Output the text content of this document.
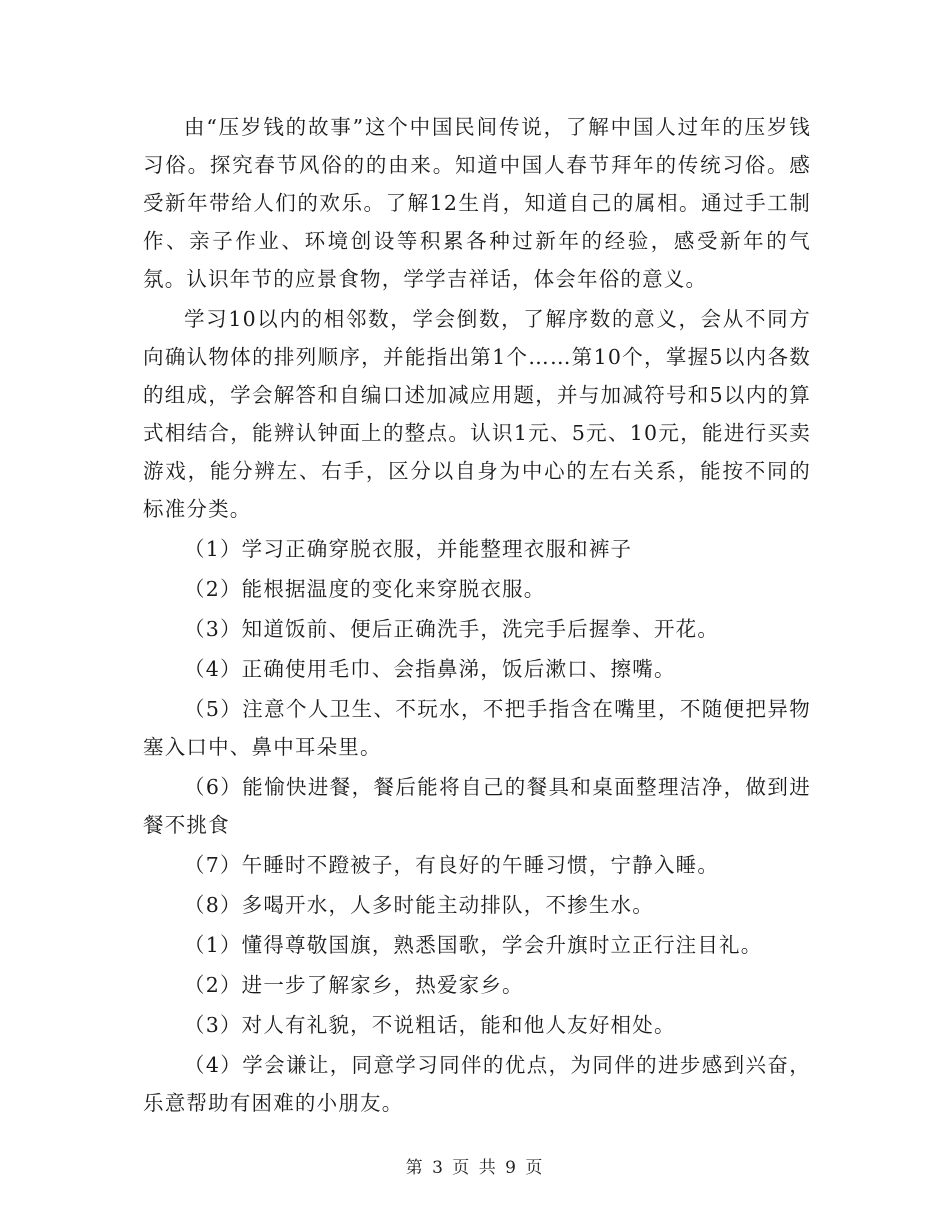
由“压岁钱的故事”这个中国民间传说，了解中国人过年的压岁钱习俗。探究春节风俗的的由来。知道中国人春节拜年的传统习俗。感受新年带给人们的欢乐。了解12生肖，知道自己的属相。通过手工制作、亲子作业、环境创设等积累各种过新年的经验，感受新年的气氛。认识年节的应景食物，学学吉祥话，体会年俗的意义。

学习10以内的相邻数，学会倒数，了解序数的意义，会从不同方向确认物体的排列顺序，并能指出第1个……第10个，掌握5以内各数的组成，学会解答和自编口述加减应用题，并与加减符号和5以内的算式相结合，能辨认钟面上的整点。认识1元、5元、10元，能进行买卖游戏，能分辨左、右手，区分以自身为中心的左右关系，能按不同的标准分类。

（1）学习正确穿脱衣服，并能整理衣服和裤子

（2）能根据温度的变化来穿脱衣服。

（3）知道饭前、便后正确洗手，洗完手后握拳、开花。

（4）正确使用毛巾、会指鼻涕，饭后漱口、擦嘴。

（5）注意个人卫生、不玩水，不把手指含在嘴里，不随便把异物塞入口中、鼻中耳朵里。

（6）能愉快进餐，餐后能将自己的餐具和桌面整理洁净，做到进餐不挑食

（7）午睡时不蹬被子，有良好的午睡习惯，宁静入睡。

（8）多喝开水，人多时能主动排队，不掺生水。

（1）懂得尊敬国旗，熟悉国歌，学会升旗时立正行注目礼。

（2）进一步了解家乡，热爱家乡。

（3）对人有礼貌，不说粗话，能和他人友好相处。

（4）学会谦让，同意学习同伴的优点，为同伴的进步感到兴奋，乐意帮助有困难的小朋友。

第 3 页 共 9 页
